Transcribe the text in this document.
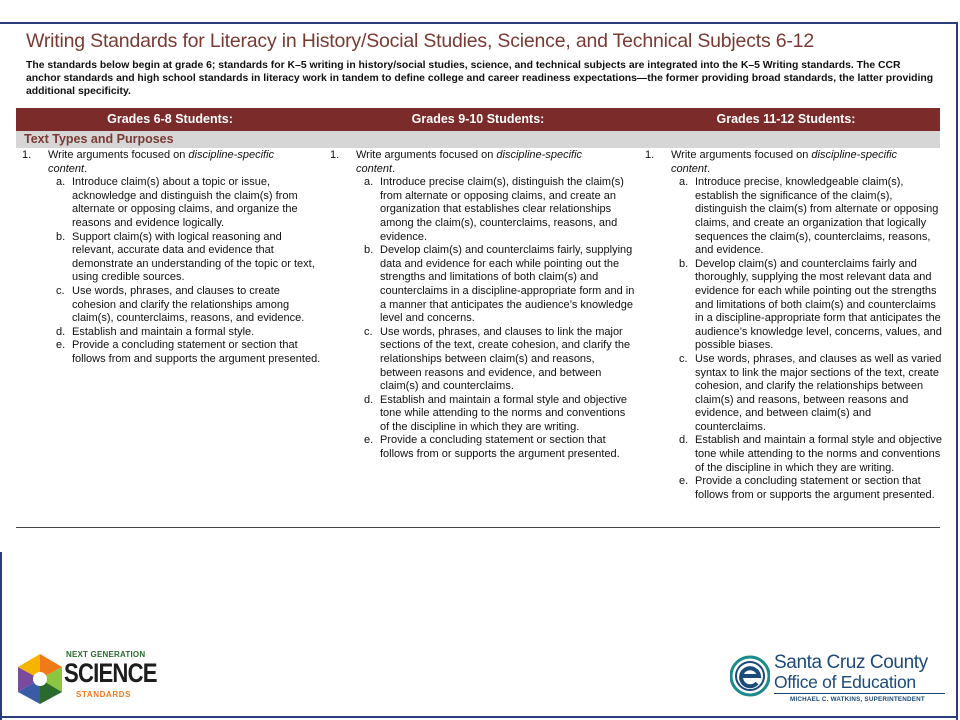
Writing Standards for Literacy in History/Social Studies, Science, and Technical Subjects 6-12
The standards below begin at grade 6; standards for K–5 writing in history/social studies, science, and technical subjects are integrated into the K–5 Writing standards. The CCR anchor standards and high school standards in literacy work in tandem to define college and career readiness expectations—the former providing broad standards, the latter providing additional specificity.
Grades 6-8 Students:	Grades 9-10 Students:	Grades 11-12 Students:
Text Types and Purposes
1. Write arguments focused on discipline-specific
content.
a. Introduce claim(s) about a topic or issue, acknowledge and distinguish the claim(s) from alternate or opposing claims, and organize the reasons and evidence logically.
b. Support claim(s) with logical reasoning and relevant, accurate data and evidence that demonstrate an understanding of the topic or text, using credible sources.
c. Use words, phrases, and clauses to create cohesion and clarify the relationships among claim(s), counterclaims, reasons, and evidence.
d. Establish and maintain a formal style.
e. Provide a concluding statement or section that follows from and supports the argument presented.
1. Write arguments focused on discipline-specific
content.
a. Introduce precise claim(s), distinguish the claim(s) from alternate or opposing claims, and create an organization that establishes clear relationships among the claim(s), counterclaims, reasons, and evidence.
b. Develop claim(s) and counterclaims fairly, supplying data and evidence for each while pointing out the strengths and limitations of both claim(s) and counterclaims in a discipline-appropriate form and in a manner that anticipates the audience’s knowledge level and concerns.
c. Use words, phrases, and clauses to link the major sections of the text, create cohesion, and clarify the relationships between claim(s) and reasons, between reasons and evidence, and between claim(s) and counterclaims.
d. Establish and maintain a formal style and objective tone while attending to the norms and conventions of the discipline in which they are writing.
e. Provide a concluding statement or section that follows from or supports the argument presented.
1. Write arguments focused on discipline-specific
content.
a. Introduce precise, knowledgeable claim(s), establish the significance of the claim(s), distinguish the claim(s) from alternate or opposing claims, and create an organization that logically sequences the claim(s), counterclaims, reasons, and evidence.
b. Develop claim(s) and counterclaims fairly and thoroughly, supplying the most relevant data and evidence for each while pointing out the strengths and limitations of both claim(s) and counterclaims in a discipline-appropriate form that anticipates the audience’s knowledge level, concerns, values, and possible biases.
c. Use words, phrases, and clauses as well as varied syntax to link the major sections of the text, create cohesion, and clarify the relationships between claim(s) and reasons, between reasons and evidence, and between claim(s) and counterclaims.
d. Establish and maintain a formal style and objective tone while attending to the norms and conventions of the discipline in which they are writing.
e. Provide a concluding statement or section that follows from or supports the argument presented.
NEXT GENERATION
SCIENCE
STANDARDS
Santa Cruz County
Office of Education
MICHAEL C. WATKINS, SUPERINTENDENT
